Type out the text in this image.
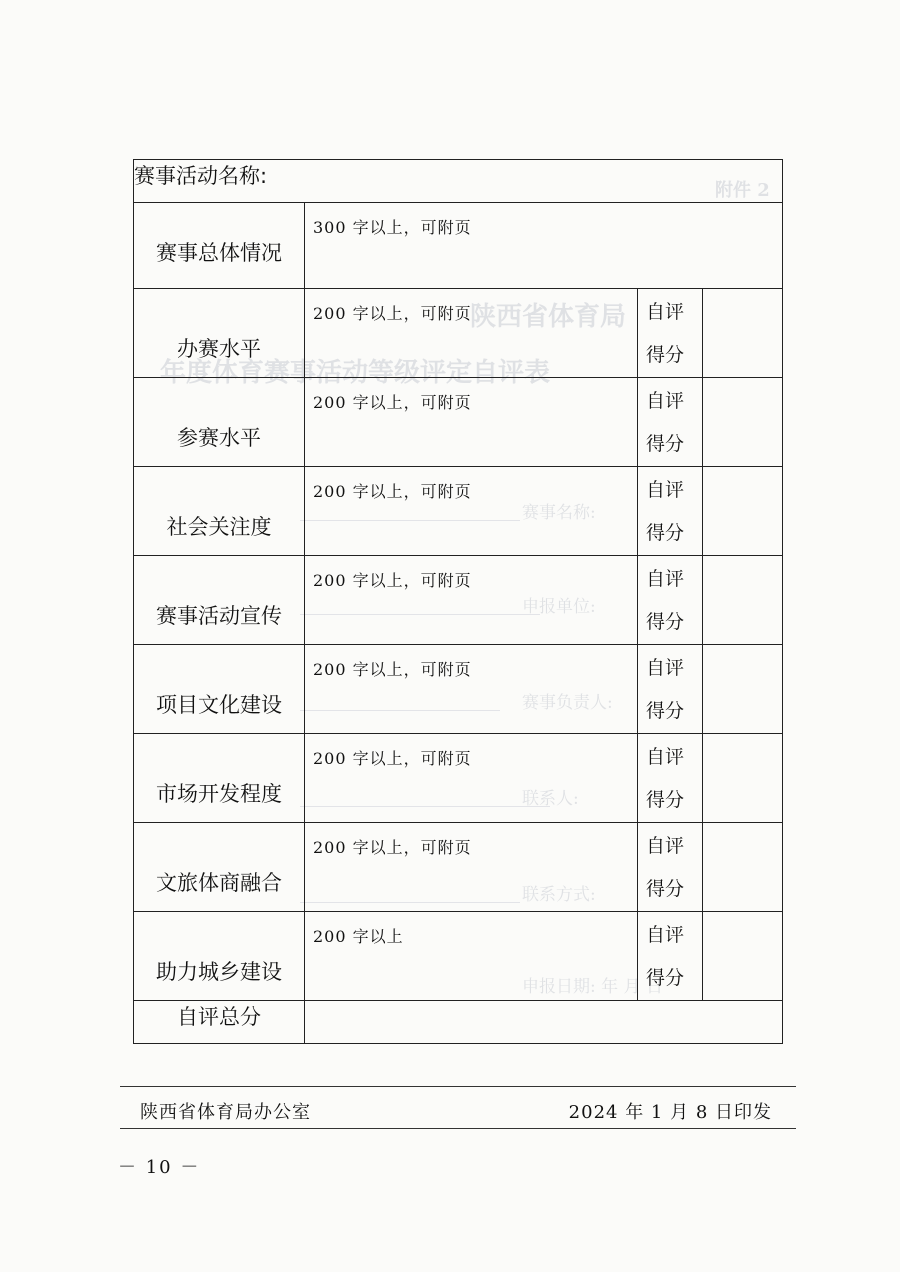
附件 2
陕西省体育局
年度体育赛事活动等级评定自评表
赛事名称:
申报单位:
赛事负责人:
联系人:
联系方式:
申报日期: 年 月 日
赛事活动名称:			
赛事总体情况	300 字以上，可附页		
办赛水平	200 字以上，可附页	自评
得分	
参赛水平	200 字以上，可附页	自评
得分	
社会关注度	200 字以上，可附页	自评
得分	
赛事活动宣传	200 字以上，可附页	自评
得分	
项目文化建设	200 字以上，可附页	自评
得分	
市场开发程度	200 字以上，可附页	自评
得分	
文旅体商融合	200 字以上，可附页	自评
得分	
助力城乡建设	200 字以上	自评
得分	
自评总分			
陕西省体育局办公室	2024 年 1 月 8 日印发
－ 10 －
